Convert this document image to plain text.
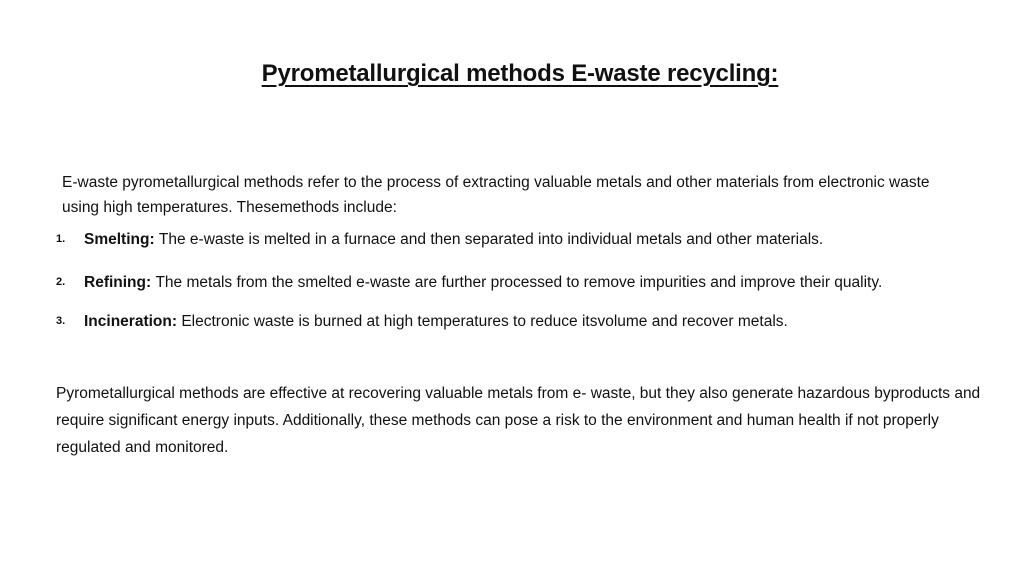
Pyrometallurgical methods E-waste recycling:
E-waste pyrometallurgical methods refer to the process of extracting valuable metals and other materials from electronic waste using high temperatures. Thesemethods include:
1. Smelting: The e-waste is melted in a furnace and then separated into individual metals and other materials.
2. Refining: The metals from the smelted e-waste are further processed to remove impurities and improve their quality.
3. Incineration: Electronic waste is burned at high temperatures to reduce itsvolume and recover metals.
Pyrometallurgical methods are effective at recovering valuable metals from e- waste, but they also generate hazardous byproducts and require significant energy inputs. Additionally, these methods can pose a risk to the environment and human health if not properly regulated and monitored.
